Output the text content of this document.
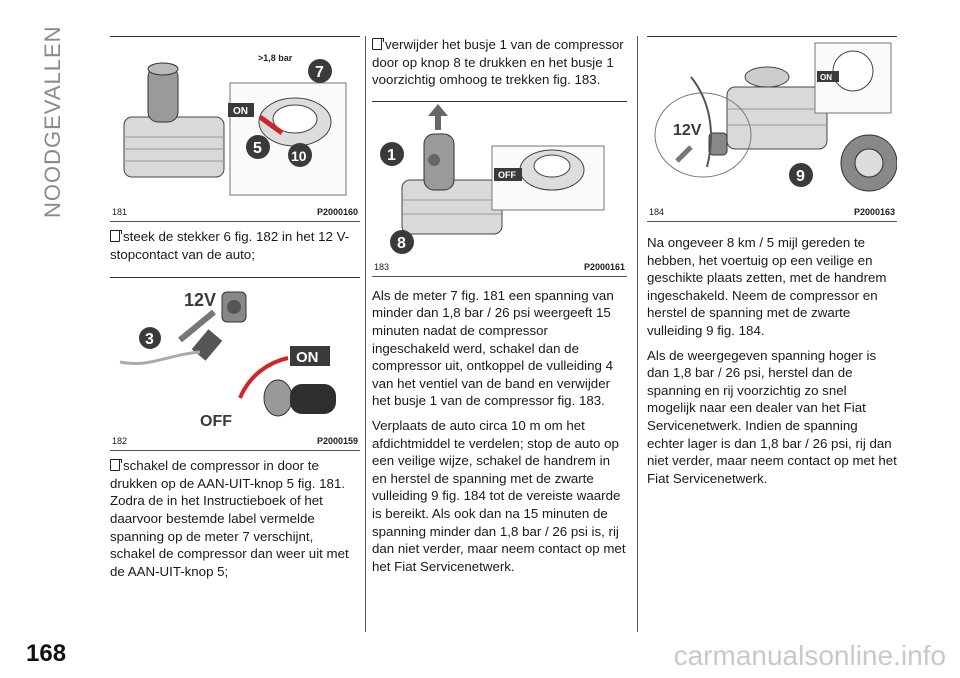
NOODGEVALLEN
168	carmanualsonline.info
>1,8 bar
ON
7
5 10
181	P2000160

steek de stekker 6 fig. 182 in het 12 V-stopcontact van de auto;

12V
3
ON
OFF
182	P2000159

schakel de compressor in door te drukken op de AAN-UIT-knop 5 fig. 181. Zodra de in het Instructieboek of het daarvoor bestemde label vermelde spanning op de meter 7 verschijnt, schakel de compressor dan weer uit met de AAN-UIT-knop 5;

verwijder het busje 1 van de compressor door op knop 8 te drukken en het busje 1 voorzichtig omhoog te trekken fig. 183.

OFF
1
8
183	P2000161

Als de meter 7 fig. 181 een spanning van minder dan 1,8 bar / 26 psi weergeeft 15 minuten nadat de compressor ingeschakeld werd, schakel dan de compressor uit, ontkoppel de vulleiding 4 van het ventiel van de band en verwijder het busje 1 van de compressor fig. 183.

Verplaats de auto circa 10 m om het afdichtmiddel te verdelen; stop de auto op een veilige wijze, schakel de handrem in en herstel de spanning met de zwarte vulleiding 9 fig. 184 tot de vereiste waarde is bereikt. Als ook dan na 15 minuten de spanning minder dan 1,8 bar / 26 psi is, rij dan niet verder, maar neem contact op met het Fiat Servicenetwerk.

ON
12V
9
184	P2000163

Na ongeveer 8 km / 5 mijl gereden te hebben, het voertuig op een veilige en geschikte plaats zetten, met de handrem ingeschakeld. Neem de compressor en herstel de spanning met de zwarte vulleiding 9 fig. 184.

Als de weergegeven spanning hoger is dan 1,8 bar / 26 psi, herstel dan de spanning en rij voorzichtig zo snel mogelijk naar een dealer van het Fiat Servicenetwerk. Indien de spanning echter lager is dan 1,8 bar / 26 psi, rij dan niet verder, maar neem contact op met het Fiat Servicenetwerk.
